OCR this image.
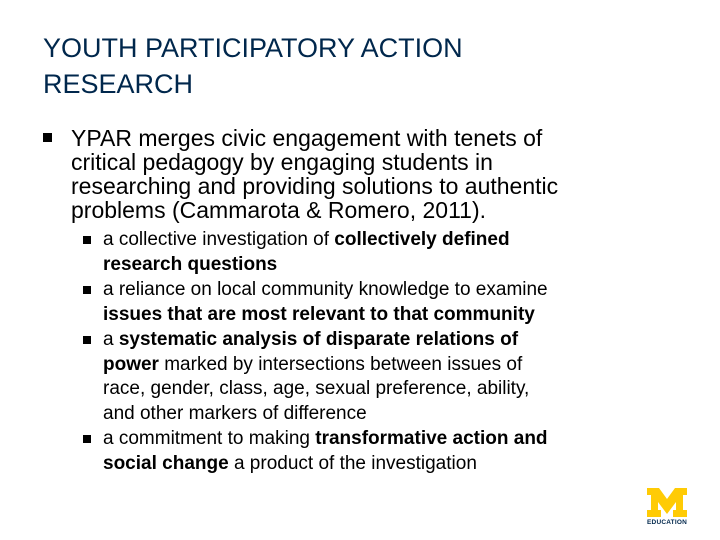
YOUTH PARTICIPATORY ACTION
RESEARCH
YPAR merges civic engagement with tenets of
critical pedagogy by engaging students in
researching and providing solutions to authentic
problems (Cammarota & Romero, 2011).
a collective investigation of collectively defined
research questions
a reliance on local community knowledge to examine
issues that are most relevant to that community
a systematic analysis of disparate relations of
power marked by intersections between issues of
race, gender, class, age, sexual preference, ability,
and other markers of difference
a commitment to making transformative action and
social change a product of the investigation
EDUCATION
